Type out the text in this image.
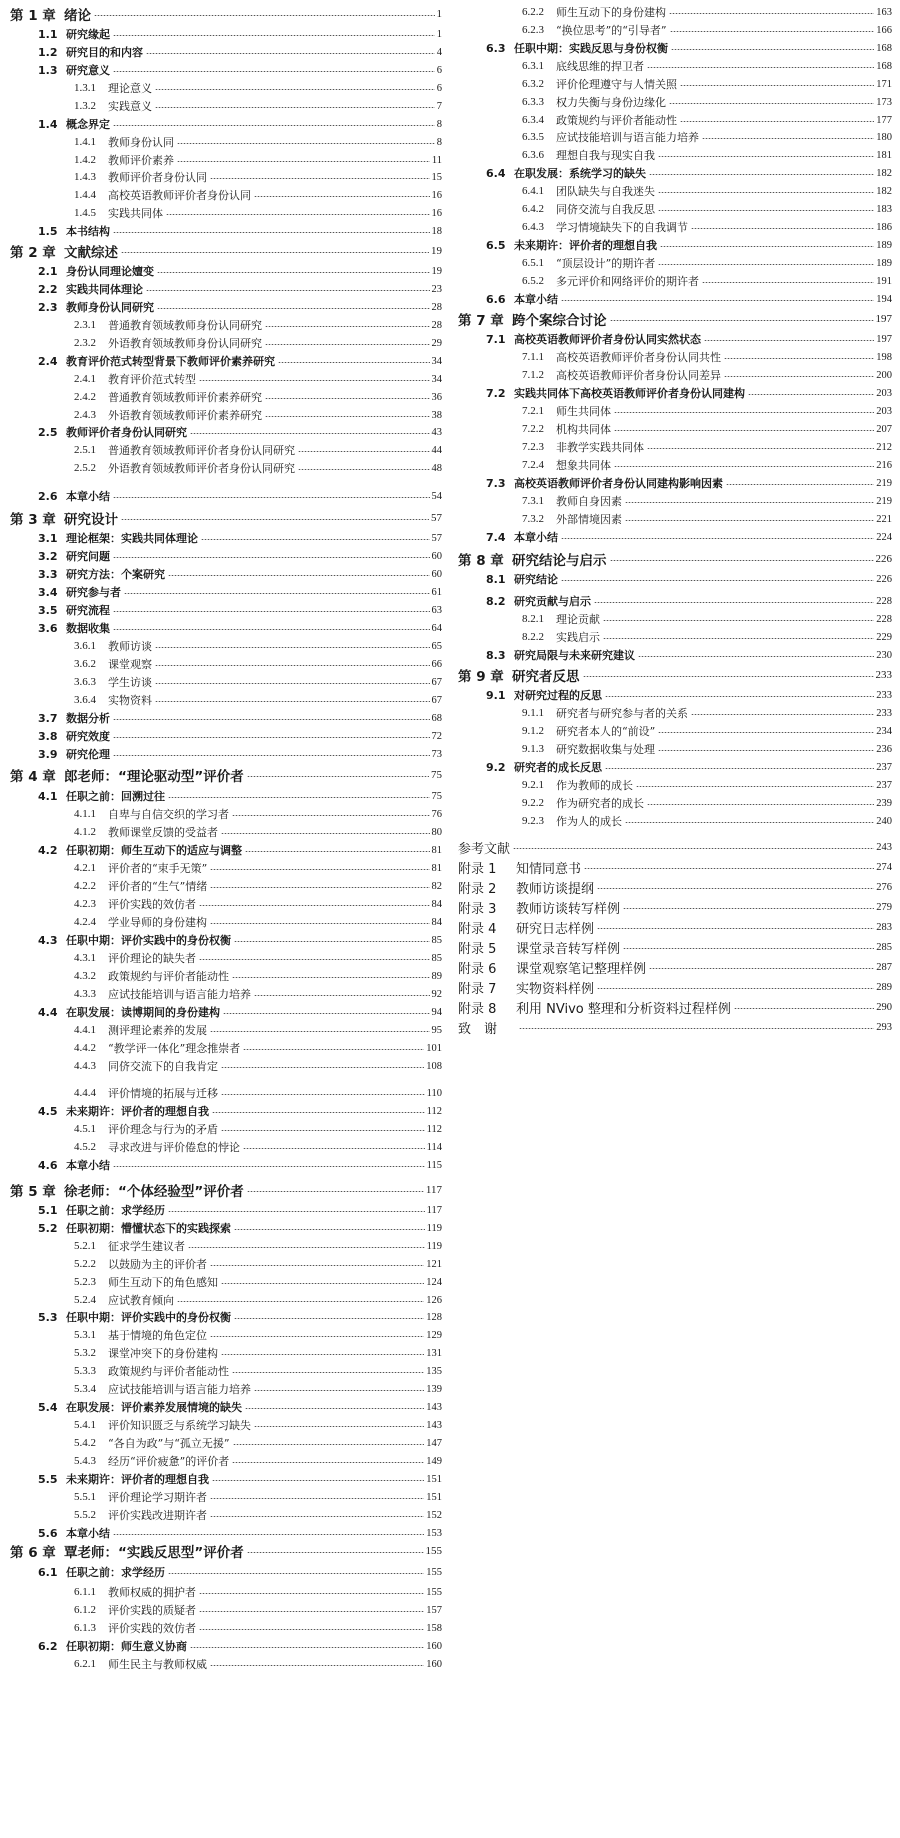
第 1 章 绪论	1
1.1 研究缘起	1
1.2 研究目的和内容	4
1.3 研究意义	6
1.3.1	理论意义	6
1.3.2	实践意义	7
1.4 概念界定	8
1.4.1	教师身份认同	8
1.4.2	教师评价素养	11
1.4.3	教师评价者身份认同	15
1.4.4	高校英语教师评价者身份认同	16
1.4.5	实践共同体	16
1.5 本书结构	18
第 2 章 文献综述	19
2.1 身份认同理论嬗变	19
2.2 实践共同体理论	23
2.3 教师身份认同研究	28
2.3.1	普通教育领域教师身份认同研究	28
2.3.2	外语教育领域教师身份认同研究	29
2.4 教育评价范式转型背景下教师评价素养研究	34
2.4.1	教育评价范式转型	34
2.4.2	普通教育领域教师评价素养研究	36
2.4.3	外语教育领域教师评价素养研究	38
2.5 教师评价者身份认同研究	43
2.5.1	普通教育领域教师评价者身份认同研究	44
2.5.2	外语教育领域教师评价者身份认同研究	48
2.6 本章小结	54
第 3 章 研究设计	57
3.1 理论框架：实践共同体理论	57
3.2 研究问题	60
3.3 研究方法：个案研究	60
3.4 研究参与者	61
3.5 研究流程	63
3.6 数据收集	64
3.6.1	教师访谈	65
3.6.2	课堂观察	66
3.6.3	学生访谈	67
3.6.4	实物资料	67
3.7 数据分析	68
3.8 研究效度	72
3.9 研究伦理	73
第 4 章 郎老师：“理论驱动型”评价者	75
4.1 任职之前：回溯过往	75
4.1.1	自卑与自信交织的学习者	76
4.1.2	教师课堂反馈的受益者	80
4.2 任职初期：师生互动下的适应与调整	81
4.2.1	评价者的“束手无策”	81
4.2.2	评价者的“生气”情绪	82
4.2.3	评价实践的效仿者	84
4.2.4	学业导师的身份建构	84
4.3 任职中期：评价实践中的身份权衡	85
4.3.1	评价理论的缺失者	85
4.3.2	政策规约与评价者能动性	89
4.3.3	应试技能培训与语言能力培养	92
4.4 在职发展：读博期间的身份建构	94
4.4.1	测评理论素养的发展	95
4.4.2	“教学评一体化”理念推崇者	101
4.4.3	同侪交流下的自我肯定	108
4.4.4	评价情境的拓展与迁移	110
4.5 未来期许：评价者的理想自我	112
4.5.1	评价理念与行为的矛盾	112
4.5.2	寻求改进与评价倦怠的悖论	114
4.6 本章小结	115
第 5 章 徐老师：“个体经验型”评价者	117
5.1 任职之前：求学经历	117
5.2 任职初期：懵懂状态下的实践探索	119
5.2.1	征求学生建议者	119
5.2.2	以鼓励为主的评价者	121
5.2.3	师生互动下的角色感知	124
5.2.4	应试教育倾向	126
5.3 任职中期：评价实践中的身份权衡	128
5.3.1	基于情境的角色定位	129
5.3.2	课堂冲突下的身份建构	131
5.3.3	政策规约与评价者能动性	135
5.3.4	应试技能培训与语言能力培养	139
5.4 在职发展：评价素养发展情境的缺失	143
5.4.1	评价知识匮乏与系统学习缺失	143
5.4.2	“各自为政”与“孤立无援”	147
5.4.3	经历“评价疲惫”的评价者	149
5.5 未来期许：评价者的理想自我	151
5.5.1	评价理论学习期许者	151
5.5.2	评价实践改进期许者	152
5.6 本章小结	153
第 6 章 覃老师：“实践反思型”评价者	155
6.1 任职之前：求学经历	155
6.1.1	教师权威的拥护者	155
6.1.2	评价实践的质疑者	157
6.1.3	评价实践的效仿者	158
6.2 任职初期：师生意义协商	160
6.2.1	师生民主与教师权威	160
6.2.2	师生互动下的身份建构	163
6.2.3	“换位思考”的“引导者”	166
6.3 任职中期：实践反思与身份权衡	168
6.3.1	底线思维的捍卫者	168
6.3.2	评价伦理遵守与人情关照	171
6.3.3	权力失衡与身份边缘化	173
6.3.4	政策规约与评价者能动性	177
6.3.5	应试技能培训与语言能力培养	180
6.3.6	理想自我与现实自我	181
6.4 在职发展：系统学习的缺失	182
6.4.1	团队缺失与自我迷失	182
6.4.2	同侪交流与自我反思	183
6.4.3	学习情境缺失下的自我调节	186
6.5 未来期许：评价者的理想自我	189
6.5.1	“顶层设计”的期许者	189
6.5.2	多元评价和网络评价的期许者	191
6.6 本章小结	194
第 7 章 跨个案综合讨论	197
7.1 高校英语教师评价者身份认同实然状态	197
7.1.1	高校英语教师评价者身份认同共性	198
7.1.2	高校英语教师评价者身份认同差异	200
7.2 实践共同体下高校英语教师评价者身份认同建构	203
7.2.1	师生共同体	203
7.2.2	机构共同体	207
7.2.3	非教学实践共同体	212
7.2.4	想象共同体	216
7.3 高校英语教师评价者身份认同建构影响因素	219
7.3.1	教师自身因素	219
7.3.2	外部情境因素	221
7.4 本章小结	224
第 8 章 研究结论与启示	226
8.1 研究结论	226
8.2 研究贡献与启示	228
8.2.1	理论贡献	228
8.2.2	实践启示	229
8.3 研究局限与未来研究建议	230
第 9 章 研究者反思	233
9.1 对研究过程的反思	233
9.1.1	研究者与研究参与者的关系	233
9.1.2	研究者本人的“前设”	234
9.1.3	研究数据收集与处理	236
9.2 研究者的成长反思	237
9.2.1	作为教师的成长	237
9.2.2	作为研究者的成长	239
9.2.3	作为人的成长	240
参考文献	243
附录 1	知情同意书	274
附录 2	教师访谈提纲	276
附录 3	教师访谈转写样例	279
附录 4	研究日志样例	283
附录 5	课堂录音转写样例	285
附录 6	课堂观察笔记整理样例	287
附录 7	实物资料样例	289
附录 8	利用 NVivo 整理和分析资料过程样例	290
致　谢	293
